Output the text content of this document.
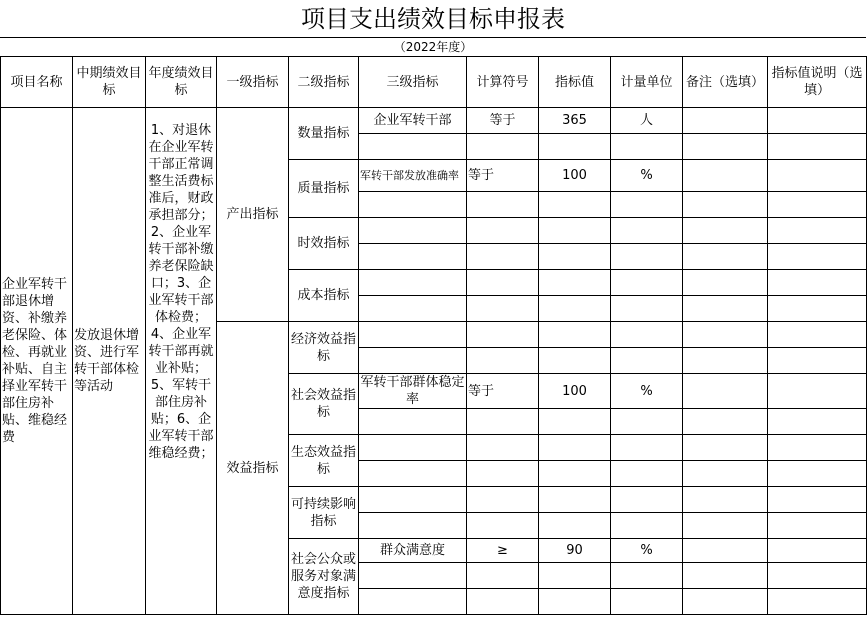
项目支出绩效目标申报表
（2022年度）
项目名称	中期绩效目标	年度绩效目标	一级指标	二级指标	三级指标	计算符号	指标值	计量单位	备注（选填）	指标值说明（选填）
企业军转干部退休增资、补缴养老保险、体检、再就业补贴、自主择业军转干部住房补贴、维稳经费	发放退休增资、进行军转干部体检等活动	1、对退休在企业军转干部正常调整生活费标准后，财政承担部分；2、企业军转干部补缴养老保险缺口；3、企业军转干部体检费；4、企业军转干部再就业补贴；5、军转干部住房补贴；6、企业军转干部维稳经费；	产出指标	数量指标	企业军转干部	等于	365	人		

				质量指标	军转干部发放准确率	等于	100	%		

				时效指标						

				成本指标						

			效益指标	经济效益指标						

				社会效益指标	军转干部群体稳定率	等于	100	%		

				生态效益指标						

				可持续影响指标						

				社会公众或服务对象满意度指标	群众满意度	≥	90	%		
